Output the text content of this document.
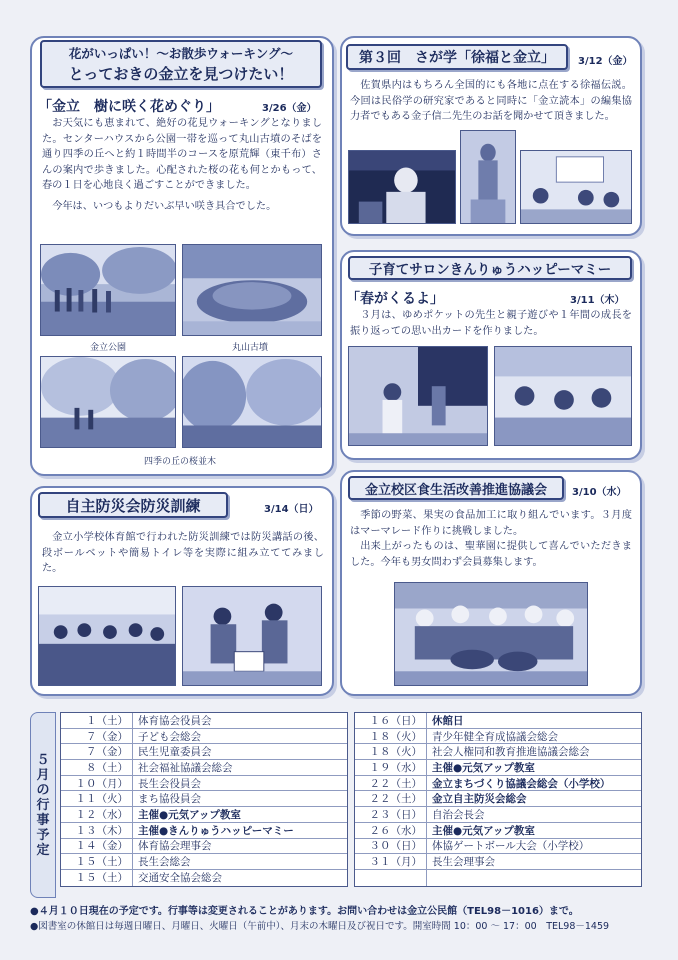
花がいっぱい！～お散歩ウォーキング～
とっておきの金立を見つけたい！
「金立　樹に咲く花めぐり」	3/26（金）

お天気にも恵まれて、絶好の花見ウォーキングとなりました。センターハウスから公園一帯を巡って丸山古墳のそばを通り四季の丘へと約１時間半のコースを原荒輝（東千布）さんの案内で歩きました。心配された桜の花も何とかもって、春の１日を心地良く過ごすことができました。

今年は、いつもよりだいぶ早い咲き具合でした。

金立公園	丸山古墳
四季の丘の桜並木
第３回　さが学「徐福と金立」 3/12（金）

佐賀県内はもちろん全国的にも各地に点在する徐福伝説。今回は民俗学の研究家であると同時に「金立読本」の編集協力者でもある金子信二先生のお話を聞かせて頂きました。

子育てサロンきんりゅうハッピーマミー
「春がくるよ」	3/11（木）

３月は、ゆめポケットの先生と親子遊びや１年間の成長を振り返っての思い出カードを作りました。

自主防災会防災訓練	3/14（日）

金立小学校体育館で行われた防災訓練では防災講話の後、段ボールベットや簡易トイレ等を実際に組み立ててみました。

金立校区食生活改善推進協議会	3/10（水）

季節の野菜、果実の食品加工に取り組んでいます。３月度はマーマレード作りに挑戦しました。

出来上がったものは、聖華園に提供して喜んでいただきました。今年も男女問わず会員募集します。

５
月
の
行
事
予
定
１（土） 体育協会役員会
７（金） 子ども会総会
７（金） 民生児童委員会
８（土） 社会福祉協議会総会
１０（月） 長生会役員会
１１（火） まち協役員会
１２（水） 主催●元気アップ教室
１３（木） 主催●きんりゅうハッピーマミー
１４（金） 体育協会理事会
１５（土） 長生会総会
１５（土） 交通安全協会総会
１６（日） 休館日
１８（火） 青少年健全育成協議会総会
１８（火） 社会人権同和教育推進協議会総会
１９（水） 主催●元気アップ教室
２２（土） 金立まちづくり協議会総会（小学校）
２２（土） 金立自主防災会総会
２３（日） 自治会長会
２６（水） 主催●元気アップ教室
３０（日） 体協ゲートボール大会（小学校）
３１（月） 長生会理事会
●４月１０日現在の予定です。行事等は変更されることがあります。お問い合わせは金立公民館（TEL98－1016）まで。
●図書室の休館日は毎週日曜日、月曜日、火曜日（午前中）、月末の木曜日及び祝日です。開室時間 10：00 ～ 17：00　TEL98－1459
